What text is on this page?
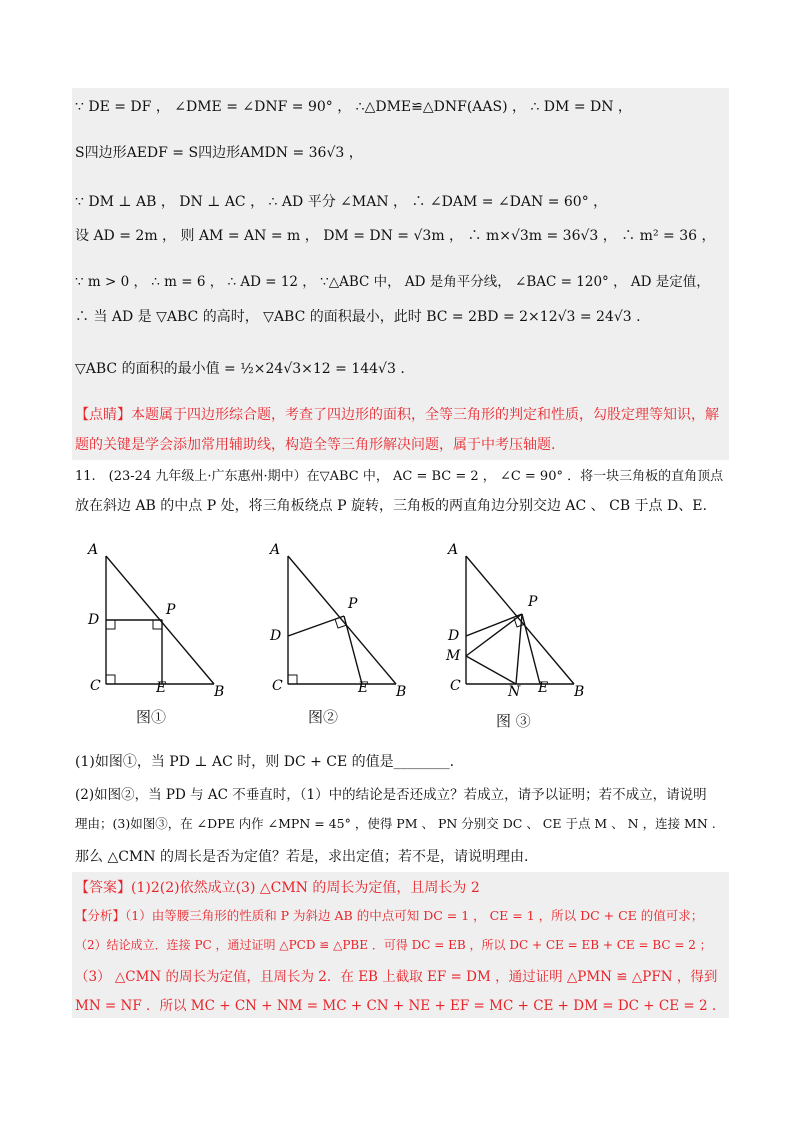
∵ DE = DF ， ∠DME = ∠DNF = 90° ， ∴△DME≌△DNF(AAS) ， ∴ DM = DN ，
S四边形AEDF = S四边形AMDN = 36√3 ，
∵ DM ⊥ AB ， DN ⊥ AC ， ∴ AD 平分 ∠MAN ， ∴ ∠DAM = ∠DAN = 60° ，
设 AD = 2m ， 则 AM = AN = m ， DM = DN = √3m ， ∴ m×√3m = 36√3 ， ∴ m² = 36 ，
∵ m > 0 ， ∴ m = 6 ， ∴ AD = 12 ， ∵△ABC 中， AD 是角平分线， ∠BAC = 120° ， AD 是定值，
∴ 当 AD 是 ▽ABC 的高时， ▽ABC 的面积最小，此时 BC = 2BD = 2×12√3 = 24√3 .
▽ABC 的面积的最小值 = ½×24√3×12 = 144√3 .
【点睛】本题属于四边形综合题，考查了四边形的面积，全等三角形的判定和性质，勾股定理等知识，解
题的关键是学会添加常用辅助线，构造全等三角形解决问题，属于中考压轴题.
11.　(23-24 九年级上·广东惠州·期中）在▽ABC 中， AC = BC = 2 ， ∠C = 90° ．将一块三角板的直角顶点
放在斜边 AB 的中点 P 处，将三角板绕点 P 旋转，三角板的两直角边分别交边 AC 、 CB 于点 D、E.
A
D
P
C	E	B
图①
A
D
P
C	E B
图②
A
D
M
P
C	N E B
图 ③
(1)如图①，当 PD ⊥ AC 时，则 DC + CE 的值是________.
(2)如图②，当 PD 与 AC 不垂直时，（1）中的结论是否还成立？若成立，请予以证明；若不成立，请说明
理由；(3)如图③，在 ∠DPE 内作 ∠MPN = 45° ，使得 PM 、 PN 分别交 DC 、 CE 于点 M 、 N ，连接 MN .
那么 △CMN 的周长是否为定值？若是，求出定值；若不是，请说明理由.
【答案】(1)2(2)依然成立(3) △CMN 的周长为定值，且周长为 2
【分析】（1）由等腰三角形的性质和 P 为斜边 AB 的中点可知 DC = 1 ， CE = 1 ，所以 DC + CE 的值可求；
（2）结论成立．连接 PC ，通过证明 △PCD ≌ △PBE ．可得 DC = EB ，所以 DC + CE = EB + CE = BC = 2 ；
（3） △CMN 的周长为定值，且周长为 2．在 EB 上截取 EF = DM ，通过证明 △PMN ≌ △PFN ，得到
MN = NF ．所以 MC + CN + NM = MC + CN + NE + EF = MC + CE + DM = DC + CE = 2 .
